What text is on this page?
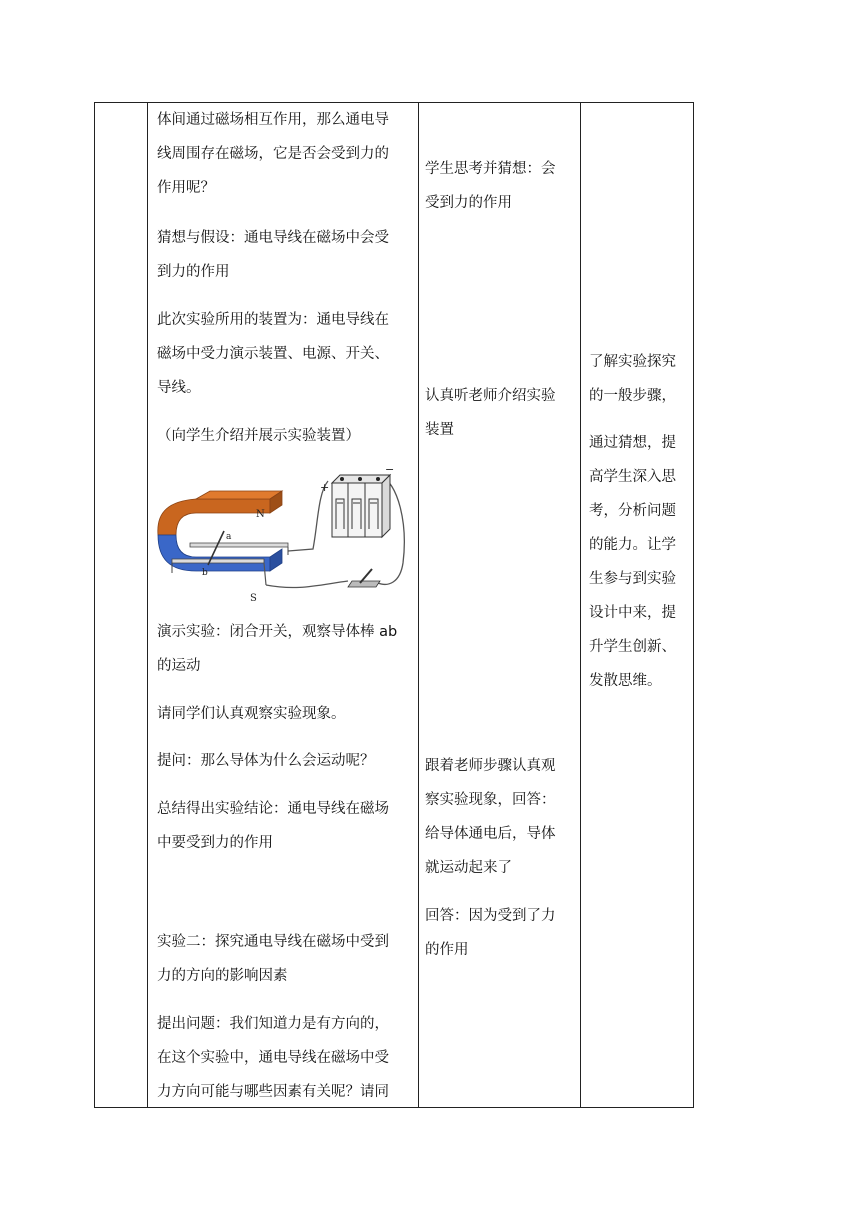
体间通过磁场相互作用，那么通电导
线周围存在磁场，它是否会受到力的
作用呢？
猜想与假设：通电导线在磁场中会受
到力的作用
此次实验所用的装置为：通电导线在
磁场中受力演示装置、电源、开关、
导线。
（向学生介绍并展示实验装置）
N
S
a
b
+
−
演示实验：闭合开关，观察导体棒 ab
的运动
请同学们认真观察实验现象。
提问：那么导体为什么会运动呢？
总结得出实验结论：通电导线在磁场
中要受到力的作用
实验二：探究通电导线在磁场中受到
力的方向的影响因素
提出问题：我们知道力是有方向的，
在这个实验中，通电导线在磁场中受
力方向可能与哪些因素有关呢？请同
学生思考并猜想：会
受到力的作用
认真听老师介绍实验
装置
跟着老师步骤认真观
察实验现象，回答：
给导体通电后，导体
就运动起来了
回答：因为受到了力
的作用
了解实验探究
的一般步骤，
通过猜想，提
高学生深入思
考，分析问题
的能力。让学
生参与到实验
设计中来，提
升学生创新、
发散思维。
